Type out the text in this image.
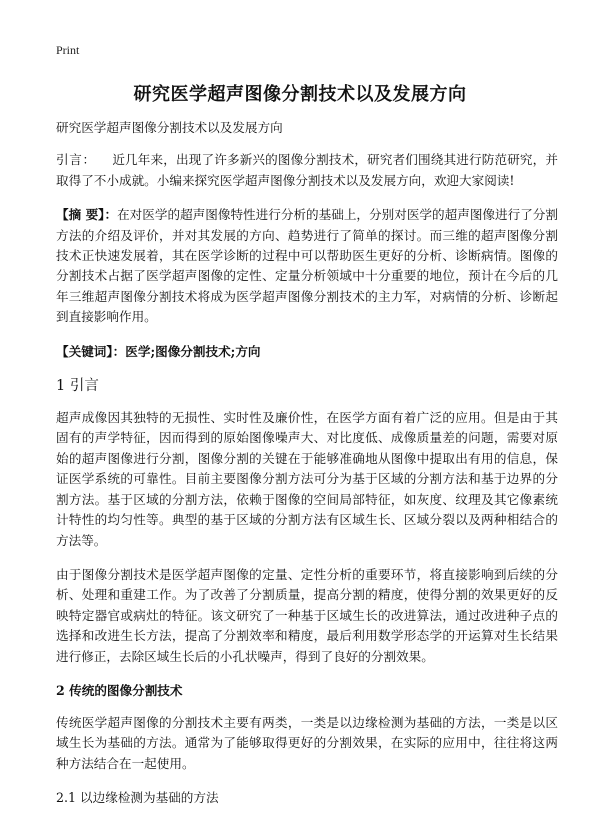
Print
研究医学超声图像分割技术以及发展方向

研究医学超声图像分割技术以及发展方向

引言： 近几年来，出现了许多新兴的图像分割技术，研究者们围绕其进行防范研究，并取得了不小成就。小编来探究医学超声图像分割技术以及发展方向，欢迎大家阅读!

【摘 要】：在对医学的超声图像特性进行分析的基础上，分别对医学的超声图像进行了分割方法的介绍及评价，并对其发展的方向、趋势进行了简单的探讨。而三维的超声图像分割技术正快速发展着，其在医学诊断的过程中可以帮助医生更好的分析、诊断病情。图像的分割技术占据了医学超声图像的定性、定量分析领域中十分重要的地位，预计在今后的几年三维超声图像分割技术将成为医学超声图像分割技术的主力军，对病情的分析、诊断起到直接影响作用。

【关键词】：医学;图像分割技术;方向

1 引言

超声成像因其独特的无损性、实时性及廉价性，在医学方面有着广泛的应用。但是由于其固有的声学特征，因而得到的原始图像噪声大、对比度低、成像质量差的问题，需要对原始的超声图像进行分割，图像分割的关键在于能够准确地从图像中提取出有用的信息，保证医学系统的可靠性。目前主要图像分割方法可分为基于区域的分割方法和基于边界的分割方法。基于区域的分割方法，依赖于图像的空间局部特征，如灰度、纹理及其它像素统计特性的均匀性等。典型的基于区域的分割方法有区域生长、区域分裂以及两种相结合的方法等。

由于图像分割技术是医学超声图像的定量、定性分析的重要环节，将直接影响到后续的分析、处理和重建工作。为了改善了分割质量，提高分割的精度，使得分割的效果更好的反映特定器官或病灶的特征。该文研究了一种基于区域生长的改进算法，通过改进种子点的选择和改进生长方法，提高了分割效率和精度，最后利用数学形态学的开运算对生长结果进行修正，去除区域生长后的小孔状噪声，得到了良好的分割效果。

2 传统的图像分割技术

传统医学超声图像的分割技术主要有两类，一类是以边缘检测为基础的方法，一类是以区域生长为基础的方法。通常为了能够取得更好的分割效果，在实际的应用中，往往将这两种方法结合在一起使用。

2.1 以边缘检测为基础的方法
